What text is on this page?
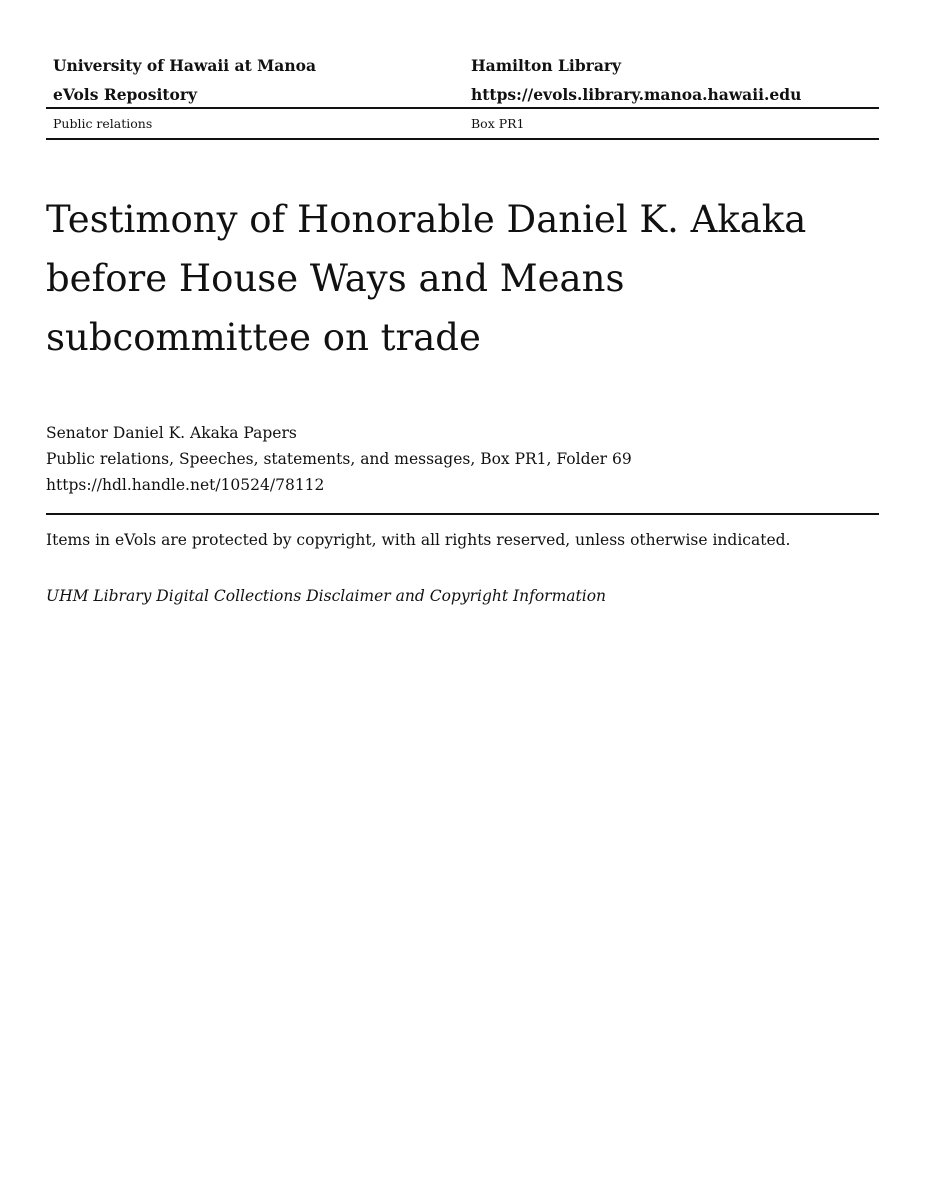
University of Hawaii at Manoa	Hamilton Library
eVols Repository	https://evols.library.manoa.hawaii.edu
Public relations	Box PR1
Testimony of Honorable Daniel K. Akaka before House Ways and Means subcommittee on trade
Senator Daniel K. Akaka Papers
Public relations, Speeches, statements, and messages, Box PR1, Folder 69
https://hdl.handle.net/10524/78112
Items in eVols are protected by copyright, with all rights reserved, unless otherwise indicated.
UHM Library Digital Collections Disclaimer and Copyright Information
